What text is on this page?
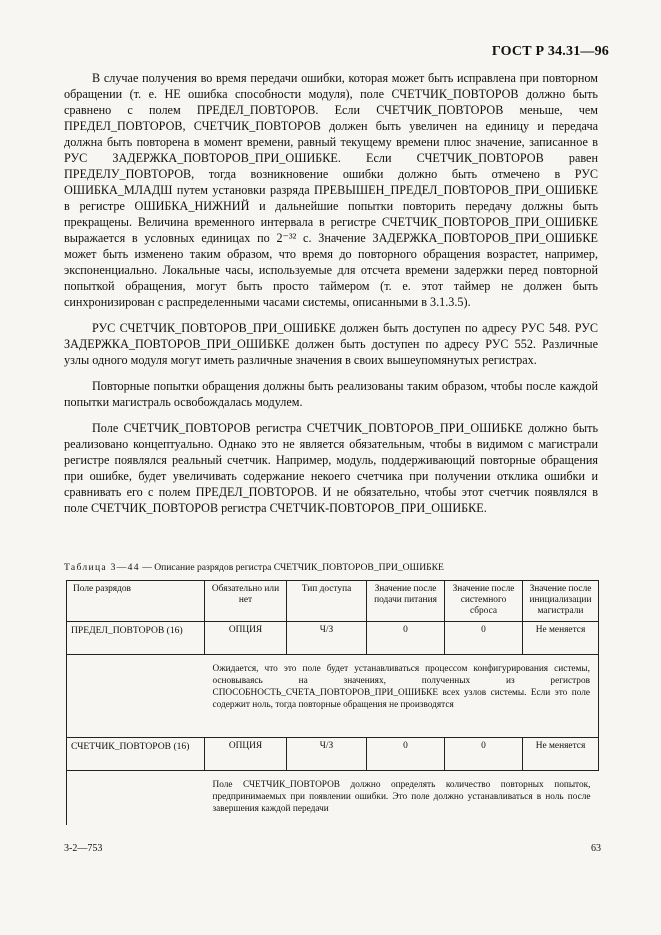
ГОСТ Р 34.31—96

В случае получения во время передачи ошибки, которая может быть исправлена при повторном обращении (т. е. НЕ ошибка способности модуля), поле СЧЕТЧИК_ПОВТОРОВ должно быть сравнено с полем ПРЕДЕЛ_ПОВТОРОВ. Если СЧЕТЧИК_ПОВТОРОВ меньше, чем ПРЕДЕЛ_ПОВТОРОВ, СЧЕТЧИК_ПОВТОРОВ должен быть увеличен на единицу и передача должна быть повторена в момент времени, равный текущему времени плюс значение, записанное в РУС ЗАДЕРЖКА_ПОВТОРОВ_ПРИ_ОШИБКЕ. Если СЧЕТЧИК_ПОВТОРОВ равен ПРЕДЕЛУ_ПОВТОРОВ, тогда возникновение ошибки должно быть отмечено в РУС ОШИБКА_МЛАДШ путем установки разряда ПРЕВЫШЕН_ПРЕДЕЛ_ПОВТОРОВ_ПРИ_ОШИБКЕ в регистре ОШИБКА_НИЖНИЙ и дальнейшие попытки повторить передачу должны быть прекращены. Величина временного интервала в регистре СЧЕТЧИК_ПОВТОРОВ_ПРИ_ОШИБКЕ выражается в условных единицах по 2⁻³² с. Значение ЗАДЕРЖКА_ПОВТОРОВ_ПРИ_ОШИБКЕ может быть изменено таким образом, что время до повторного обращения возрастет, например, экспоненциально. Локальные часы, используемые для отсчета времени задержки перед повторной попыткой обращения, могут быть просто таймером (т. е. этот таймер не должен быть синхронизирован с распределенными часами системы, описанными в 3.1.3.5).

РУС СЧЕТЧИК_ПОВТОРОВ_ПРИ_ОШИБКЕ должен быть доступен по адресу РУС 548. РУС ЗАДЕРЖКА_ПОВТОРОВ_ПРИ_ОШИБКЕ должен быть доступен по адресу РУС 552. Различные узлы одного модуля могут иметь различные значения в своих вышеупомянутых регистрах.

Повторные попытки обращения должны быть реализованы таким образом, чтобы после каждой попытки магистраль освобождалась модулем.

Поле СЧЕТЧИК_ПОВТОРОВ регистра СЧЕТЧИК_ПОВТОРОВ_ПРИ_ОШИБКЕ должно быть реализовано концептуально. Однако это не является обязательным, чтобы в видимом с магистрали регистре появлялся реальный счетчик. Например, модуль, поддерживающий повторные обращения при ошибке, будет увеличивать содержание некоего счетчика при получении отклика ошибки и сравнивать его с полем ПРЕДЕЛ_ПОВТОРОВ. И не обязательно, чтобы этот счетчик появлялся в поле СЧЕТЧИК_ПОВТОРОВ регистра СЧЕТЧИК-ПОВТОРОВ_ПРИ_ОШИБКЕ.

Таблица 3—44 — Описание разрядов регистра СЧЕТЧИК_ПОВТОРОВ_ПРИ_ОШИБКЕ
Поле разрядов	Обязательно или нет	Тип доступа	Значение после подачи питания	Значение после системного сброса	Значение после инициализации магистрали
ПРЕДЕЛ_ПОВТОРОВ (16)	ОПЦИЯ	Ч/З	0	0	Не меняется
	Ожидается, что это поле будет устанавливаться процессом конфигурирования системы, основываясь на значениях, полученных из регистров СПОСОБНОСТЬ_СЧЕТА_ПОВТОРОВ_ПРИ_ОШИБКЕ всех узлов системы. Если это поле содержит ноль, тогда повторные обращения не производятся				
СЧЕТЧИК_ПОВТОРОВ (16)	ОПЦИЯ	Ч/З	0	0	Не меняется
	Поле СЧЕТЧИК_ПОВТОРОВ должно определять количество повторных попыток, предпринимаемых при появлении ошибки. Это поле должно устанавливаться в ноль после завершения каждой передачи				
3-2—753	63
